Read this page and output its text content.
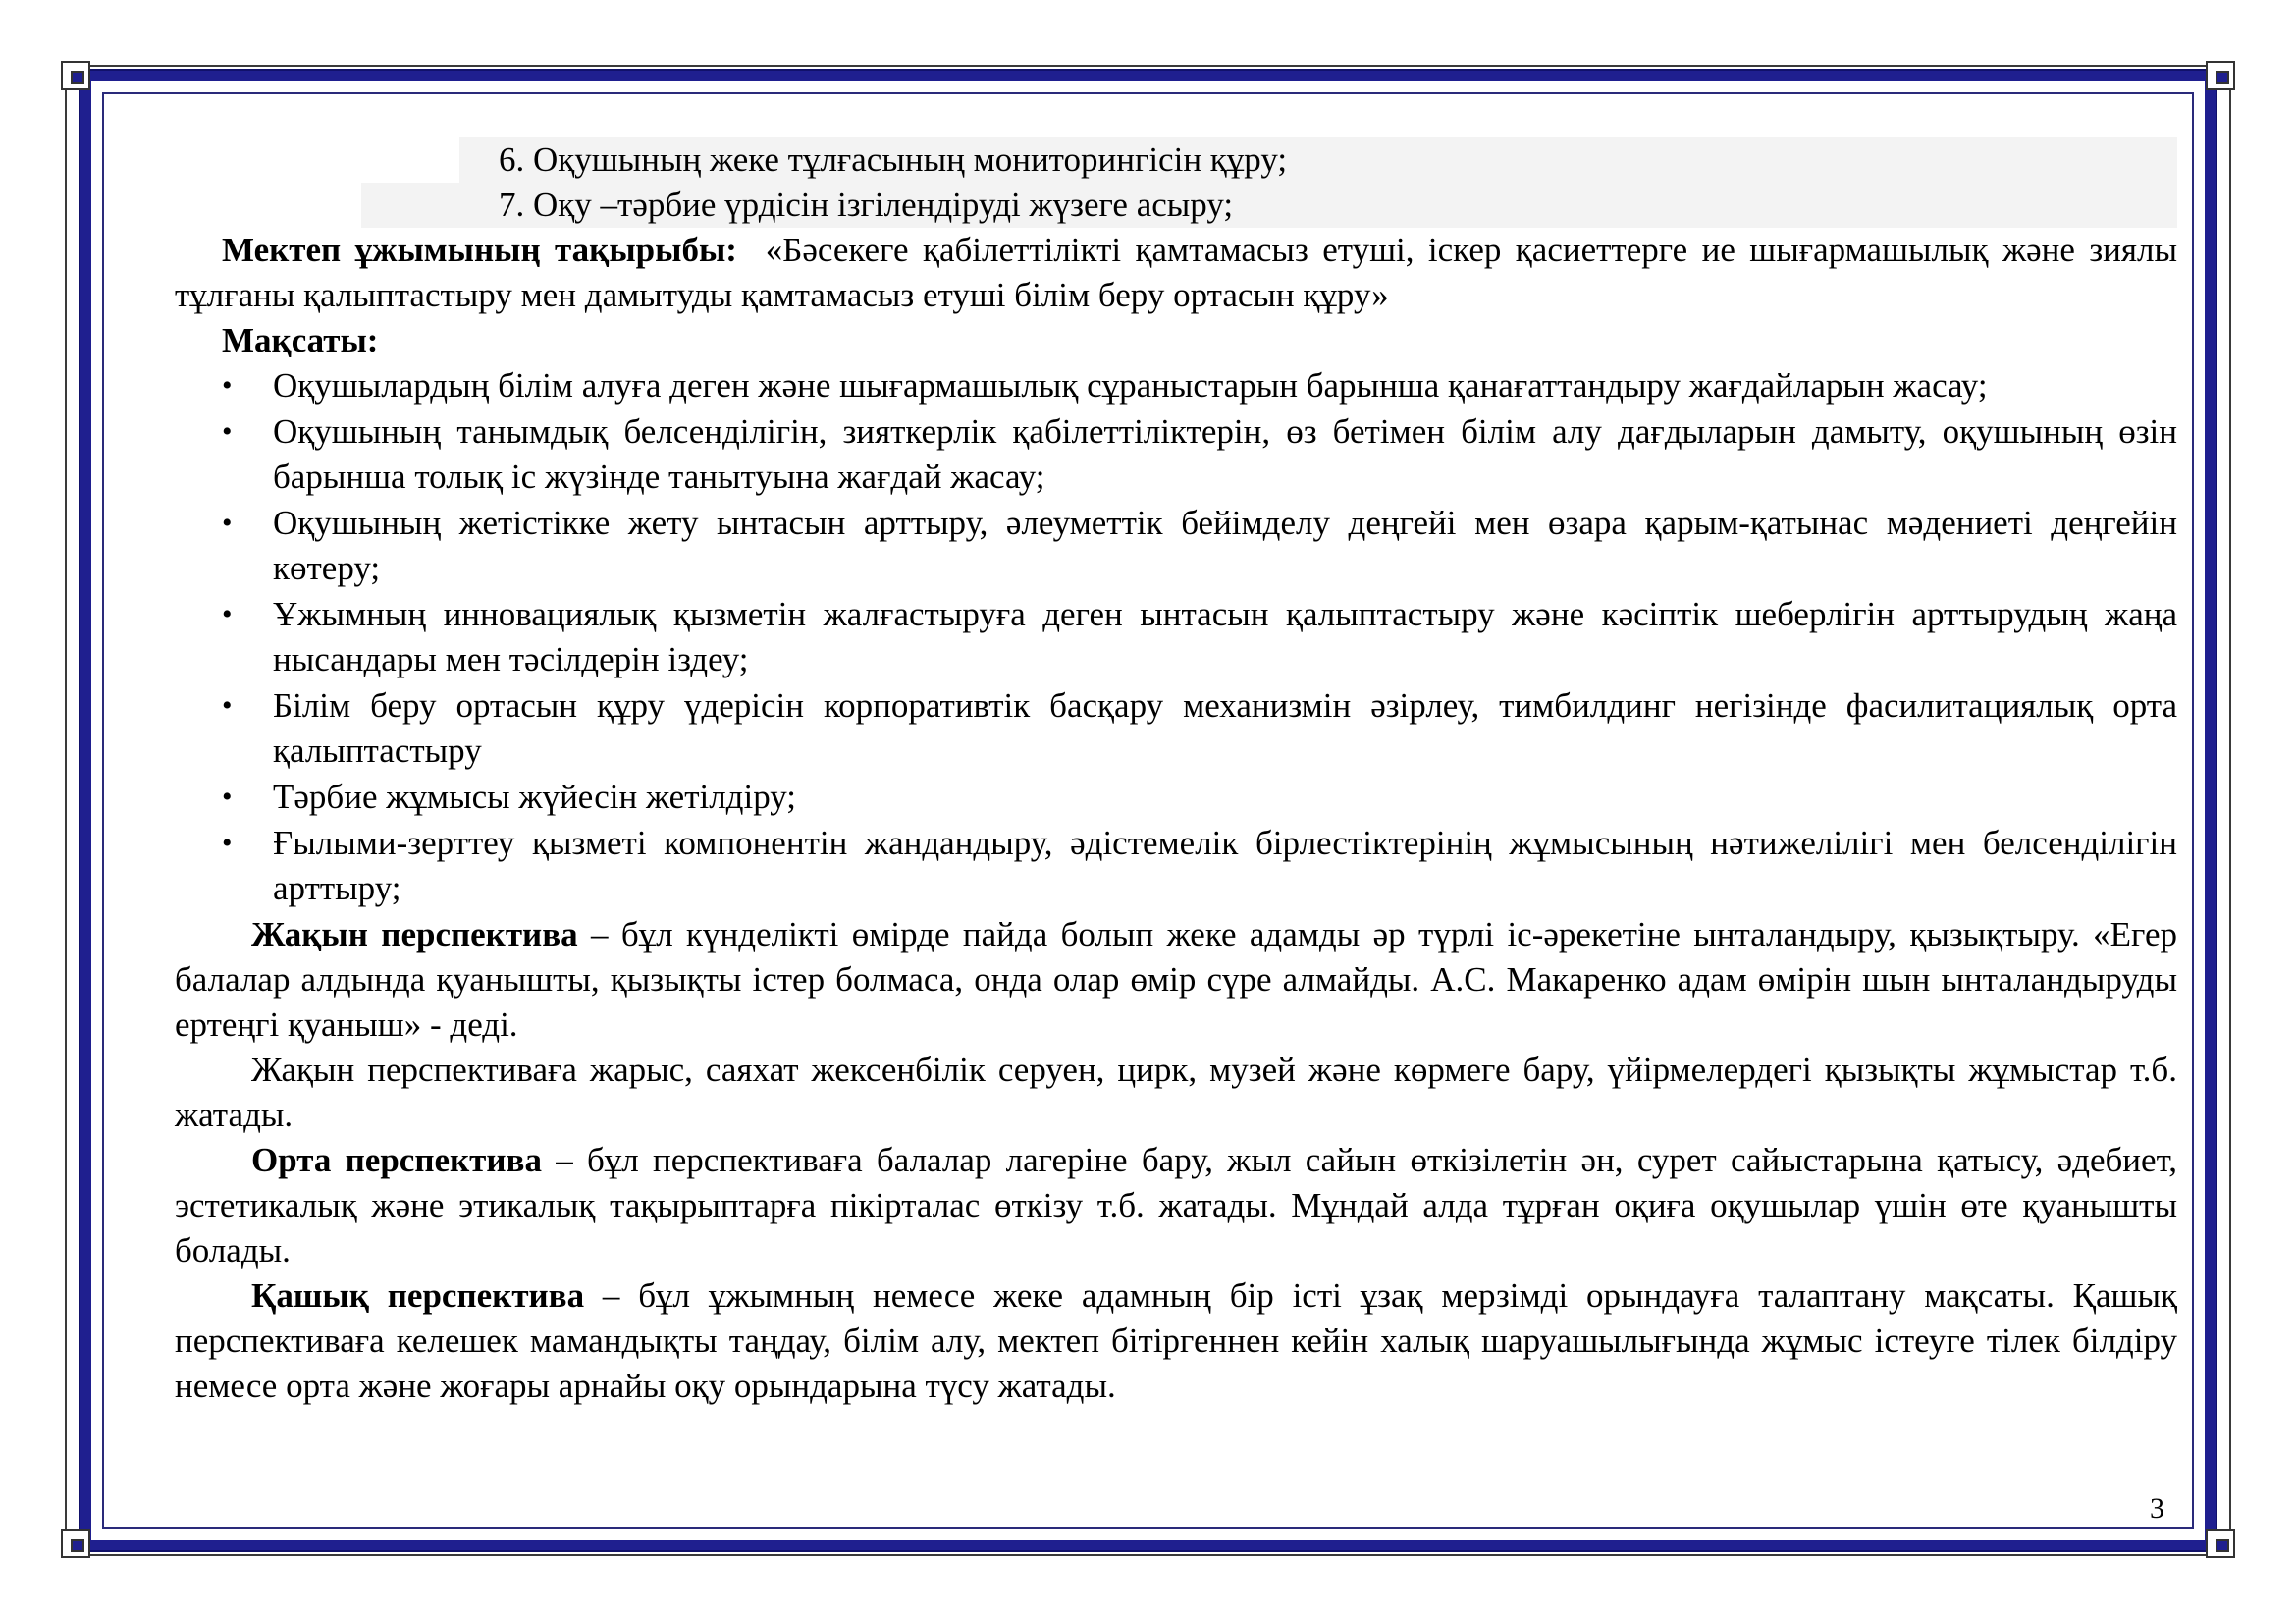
6. Оқушының жеке тұлғасының мониторингісін құру;
7. Оқу –тәрбие үрдісін ізгілендіруді жүзеге асыру;

Мектеп ұжымының тақырыбы: «Бәсекеге қабілеттілікті қамтамасыз етуші, іскер қасиеттерге ие шығармашылық және зиялы тұлғаны қалыптастыру мен дамытуды қамтамасыз етуші білім беру ортасын құру»

Мақсаты:

• Оқушылардың білім алуға деген және шығармашылық сұраныстарын барынша қанағаттандыру жағдайларын жасау;
• Оқушының танымдық белсенділігін, зияткерлік қабілеттіліктерін, өз бетімен білім алу дағдыларын дамыту, оқушының өзін барынша толық іс жүзінде танытуына жағдай жасау;
• Оқушының жетістікке жету ынтасын арттыру, әлеуметтік бейімделу деңгейі мен өзара қарым-қатынас мәдениеті деңгейін көтеру;
• Ұжымның инновациялық қызметін жалғастыруға деген ынтасын қалыптастыру және кәсіптік шеберлігін арттырудың жаңа нысандары мен тәсілдерін іздеу;
• Білім беру ортасын құру үдерісін корпоративтік басқару механизмін әзірлеу, тимбилдинг негізінде фасилитациялық орта қалыптастыру
• Тәрбие жұмысы жүйесін жетілдіру;
• Ғылыми-зерттеу қызметі компонентін жандандыру, әдістемелік бірлестіктерінің жұмысының нәтижелілігі мен белсенділігін арттыру;

Жақын перспектива – бұл күнделікті өмірде пайда болып жеке адамды әр түрлі іс-әрекетіне ынталандыру, қызықтыру. «Егер балалар алдында қуанышты, қызықты істер болмаса, онда олар өмір сүре алмайды. А.С. Макаренко адам өмірін шын ынталандыруды ертеңгі қуаныш» - деді.

Жақын перспективаға жарыс, саяхат жексенбілік серуен, цирк, музей және көрмеге бару, үйірмелердегі қызықты жұмыстар т.б. жатады.

Орта перспектива – бұл перспективаға балалар лагеріне бару, жыл сайын өткізілетін ән, сурет сайыстарына қатысу, әдебиет, эстетикалық және этикалық тақырыптарға пікірталас өткізу т.б. жатады. Мұндай алда тұрған оқиға оқушылар үшін өте қуанышты болады.

Қашық перспектива – бұл ұжымның немесе жеке адамның бір істі ұзақ мерзімді орындауға талаптану мақсаты. Қашық перспективаға келешек мамандықты таңдау, білім алу, мектеп бітіргеннен кейін халық шаруашылығында жұмыс істеуге тілек білдіру немесе орта және жоғары арнайы оқу орындарына түсу жатады.

3
